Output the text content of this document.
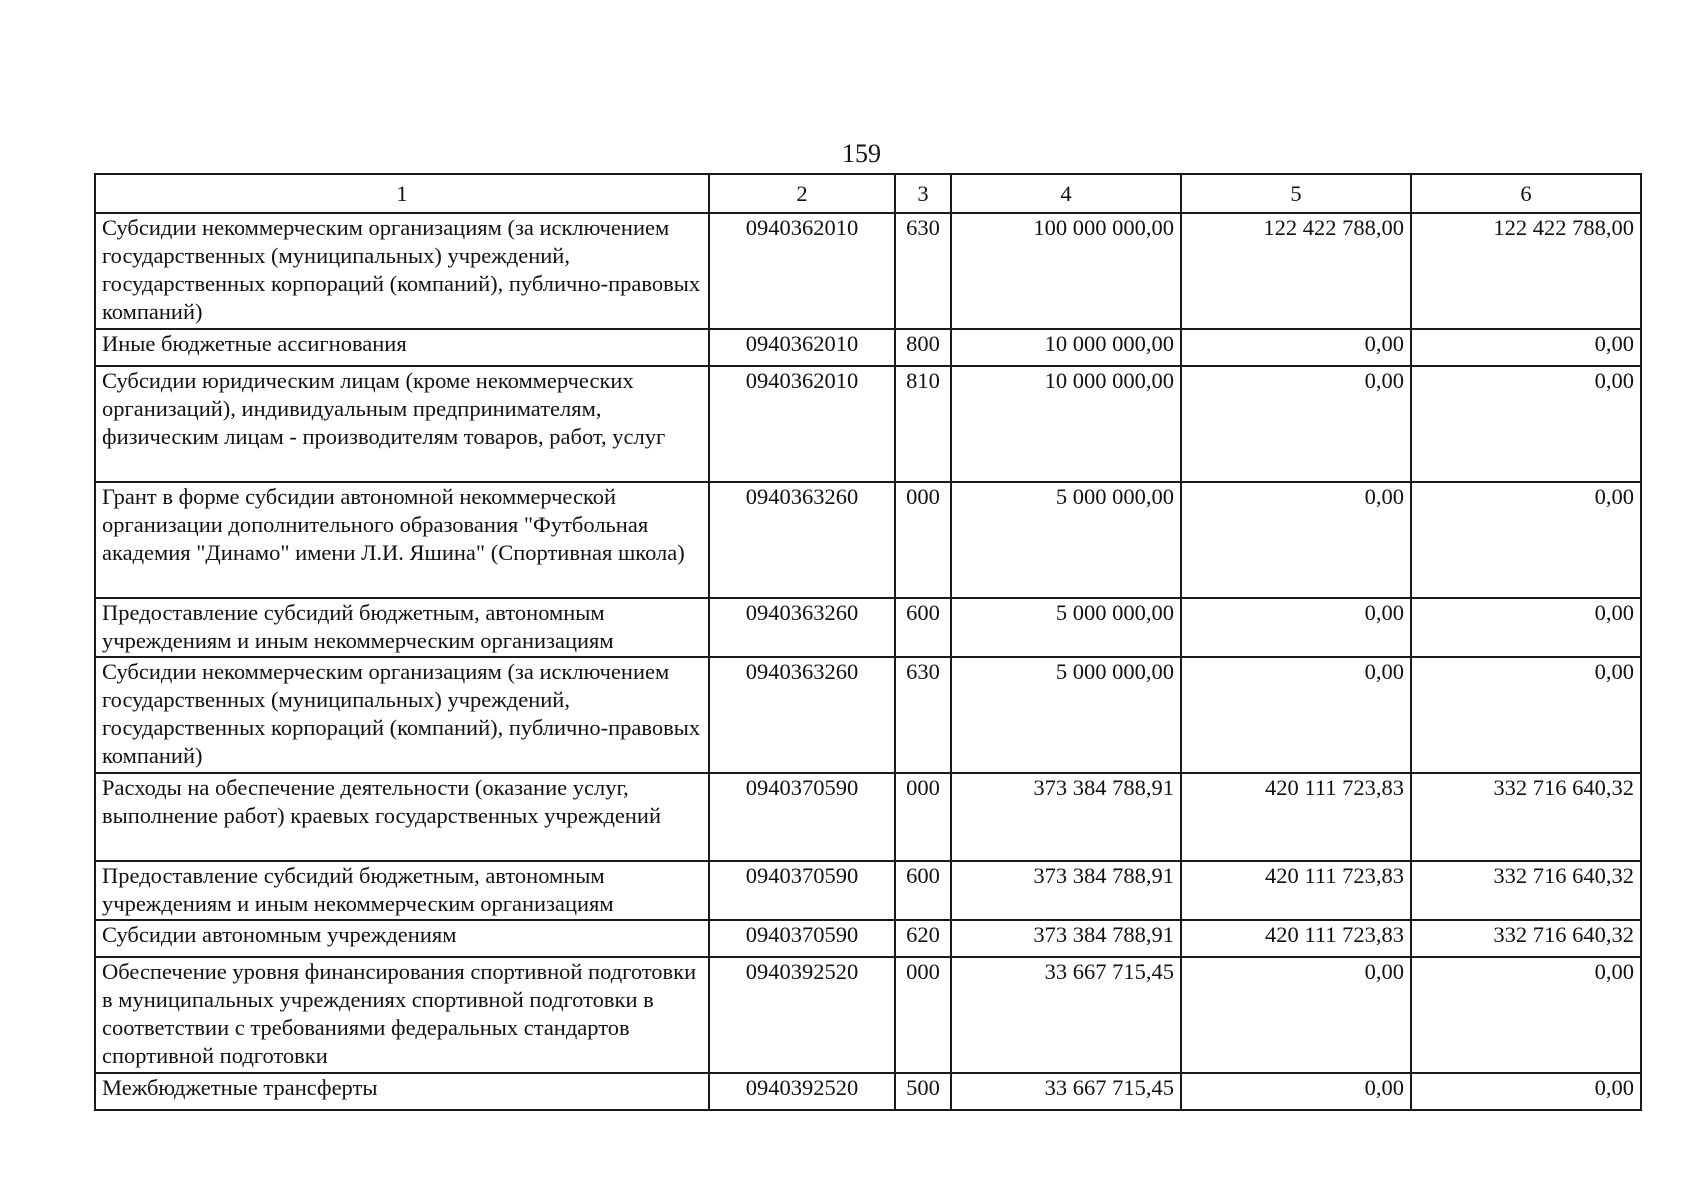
159
1	2	3	4	5	6
Субсидии некоммерческим организациям (за исключением государственных (муниципальных) учреждений, государственных корпораций (компаний), публично-правовых компаний)	0940362010	630	100 000 000,00	122 422 788,00	122 422 788,00
Иные бюджетные ассигнования	0940362010	800	10 000 000,00	0,00	0,00
Субсидии юридическим лицам (кроме некоммерческих организаций), индивидуальным предпринимателям, физическим лицам - производителям товаров, работ, услуг	0940362010	810	10 000 000,00	0,00	0,00
Грант в форме субсидии автономной некоммерческой организации дополнительного образования "Футбольная академия "Динамо" имени Л.И. Яшина" (Спортивная школа)	0940363260	000	5 000 000,00	0,00	0,00
Предоставление субсидий бюджетным, автономным учреждениям и иным некоммерческим организациям	0940363260	600	5 000 000,00	0,00	0,00
Субсидии некоммерческим организациям (за исключением государственных (муниципальных) учреждений, государственных корпораций (компаний), публично-правовых компаний)	0940363260	630	5 000 000,00	0,00	0,00
Расходы на обеспечение деятельности (оказание услуг, выполнение работ) краевых государственных учреждений	0940370590	000	373 384 788,91	420 111 723,83	332 716 640,32
Предоставление субсидий бюджетным, автономным учреждениям и иным некоммерческим организациям	0940370590	600	373 384 788,91	420 111 723,83	332 716 640,32
Субсидии автономным учреждениям	0940370590	620	373 384 788,91	420 111 723,83	332 716 640,32
Обеспечение уровня финансирования спортивной подготовки в муниципальных учреждениях спортивной подготовки в соответствии с требованиями федеральных стандартов спортивной подготовки	0940392520	000	33 667 715,45	0,00	0,00
Межбюджетные трансферты	0940392520	500	33 667 715,45	0,00	0,00
